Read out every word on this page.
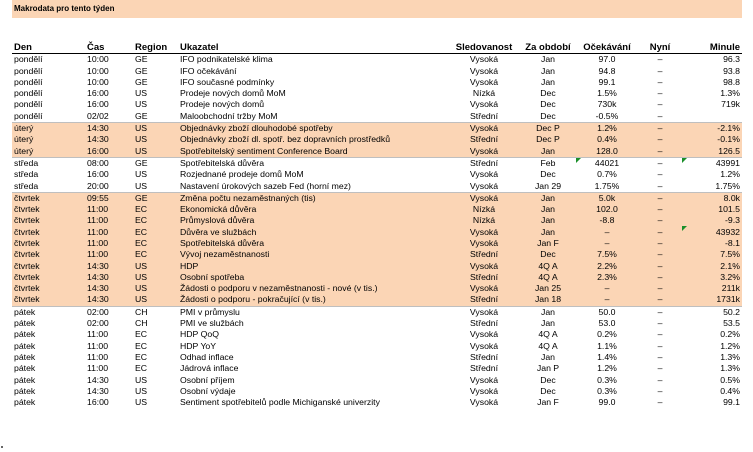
Makrodata pro tento týden
Den	Čas	Region	Ukazatel	Sledovanost	Za období	Očekávání	Nyní	Minule
pondělí	10:00	GE	IFO podnikatelské klima	Vysoká	Jan	97.0	–	96.3
pondělí	10:00	GE	IFO očekávání	Vysoká	Jan	94.8	–	93.8
pondělí	10:00	GE	IFO současné podmínky	Vysoká	Jan	99.1	–	98.8
pondělí	16:00	US	Prodeje nových domů MoM	Nízká	Dec	1.5%	–	1.3%
pondělí	16:00	US	Prodeje nových domů	Vysoká	Dec	730k	–	719k
pondělí	02/02	GE	Maloobchodní tržby MoM	Střední	Dec	-0.5%	–	
úterý	14:30	US	Objednávky zboží dlouhodobé spotřeby	Vysoká	Dec P	1.2%	–	-2.1%
úterý	14:30	US	Objednávky zboží dl. spotř. bez dopravních prostředků	Střední	Dec P	0.4%	–	-0.1%
úterý	16:00	US	Spotřebitelský sentiment Conference Board	Vysoká	Jan	128.0	–	126.5
středa	08:00	GE	Spotřebitelská důvěra	Střední	Feb	44021	–	43991
středa	16:00	US	Rozjednané prodeje domů MoM	Vysoká	Dec	0.7%	–	1.2%
středa	20:00	US	Nastavení úrokových sazeb Fed (horní mez)	Vysoká	Jan 29	1.75%	–	1.75%
čtvrtek	09:55	GE	Změna počtu nezaměstnaných (tis)	Vysoká	Jan	5.0k	–	8.0k
čtvrtek	11:00	EC	Ekonomická důvěra	Nízká	Jan	102.0	–	101.5
čtvrtek	11:00	EC	Průmyslová důvěra	Nízká	Jan	-8.8	–	-9.3
čtvrtek	11:00	EC	Důvěra ve službách	Vysoká	Jan	–	–	43932
čtvrtek	11:00	EC	Spotřebitelská důvěra	Vysoká	Jan F	–	–	-8.1
čtvrtek	11:00	EC	Vývoj nezaměstnanosti	Střední	Dec	7.5%	–	7.5%
čtvrtek	14:30	US	HDP	Vysoká	4Q A	2.2%	–	2.1%
čtvrtek	14:30	US	Osobní spotřeba	Střední	4Q A	2.3%	–	3.2%
čtvrtek	14:30	US	Žádosti o podporu v nezaměstnanosti - nové (v tis.)	Vysoká	Jan 25	–	–	211k
čtvrtek	14:30	US	Žádosti o podporu - pokračující (v tis.)	Střední	Jan 18	–	–	1731k
pátek	02:00	CH	PMI v průmyslu	Vysoká	Jan	50.0	–	50.2
pátek	02:00	CH	PMI ve službách	Střední	Jan	53.0	–	53.5
pátek	11:00	EC	HDP QoQ	Vysoká	4Q A	0.2%	–	0.2%
pátek	11:00	EC	HDP YoY	Vysoká	4Q A	1.1%	–	1.2%
pátek	11:00	EC	Odhad inflace	Střední	Jan	1.4%	–	1.3%
pátek	11:00	EC	Jádrová inflace	Střední	Jan P	1.2%	–	1.3%
pátek	14:30	US	Osobní příjem	Vysoká	Dec	0.3%	–	0.5%
pátek	14:30	US	Osobní výdaje	Vysoká	Dec	0.3%	–	0.4%
pátek	16:00	US	Sentiment spotřebitelů podle Michiganské univerzity	Vysoká	Jan F	99.0	–	99.1
